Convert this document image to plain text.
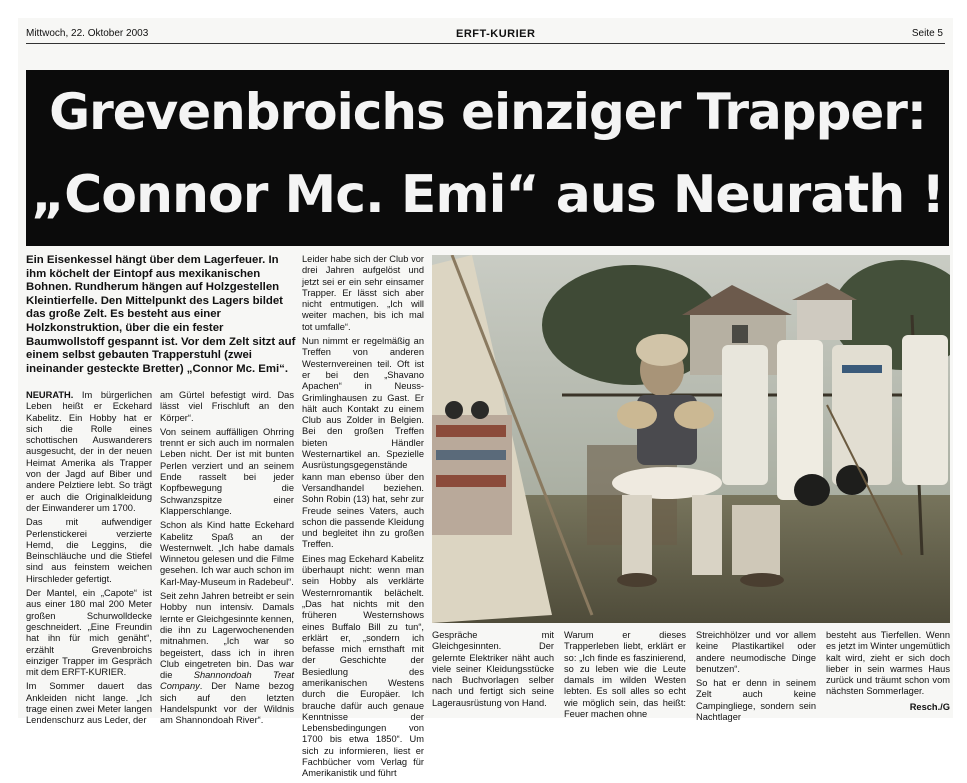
Mittwoch, 22. Oktober 2003	ERFT-KURIER	Seite 5
Grevenbroichs einziger Trapper:
„Connor Mc. Emi“ aus Neurath !
Ein Eisenkessel hängt über dem Lagerfeuer. In ihm köchelt der Eintopf aus mexikanischen Bohnen. Rundherum hängen auf Holzgestellen Kleintierfelle. Den Mittelpunkt des Lagers bildet das große Zelt. Es besteht aus einer Holzkonstruktion, über die ein fester Baumwollstoff gespannt ist. Vor dem Zelt sitzt auf einem selbst gebauten Trapperstuhl (zwei ineinander gesteckte Bretter) „Connor Mc. Emi“.

NEURATH. Im bürgerlichen Leben heißt er Eckehard Kabelitz. Ein Hobby hat er sich die Rolle eines schottischen Auswanderers ausgesucht, der in der neuen Heimat Amerika als Trapper von der Jagd auf Biber und andere Pelztiere lebt. So trägt er auch die Originalkleidung der Einwanderer um 1700.

Das mit aufwendiger Perlenstickerei verzierte Hemd, die Leggins, die Beinschläuche und die Stiefel sind aus feinstem weichen Hirschleder gefertigt.

Der Mantel, ein „Capote“ ist aus einer 180 mal 200 Meter großen Schurwolldecke geschneidert. „Eine Freundin hat ihn für mich genäht“, erzählt Grevenbroichs einziger Trapper im Gespräch mit dem ERFT-KURIER.

Im Sommer dauert das Ankleiden nicht lange. „Ich trage einen zwei Meter langen Lendenschurz aus Leder, der

am Gürtel befestigt wird. Das lässt viel Frischluft an den Körper“.

Von seinem auffälligen Ohrring trennt er sich auch im normalen Leben nicht. Der ist mit bunten Perlen verziert und an seinem Ende rasselt bei jeder Kopfbewegung die Schwanzspitze einer Klapperschlange.

Schon als Kind hatte Eckehard Kabelitz Spaß an der Westernwelt. „Ich habe damals Winnetou gelesen und die Filme gesehen. Ich war auch schon im Karl-May-Museum in Radebeul“.

Seit zehn Jahren betreibt er sein Hobby nun intensiv. Damals lernte er Gleichgesinnte kennen, die ihn zu Lagerwochenenden mitnahmen. „Ich war so begeistert, dass ich in ihren Club eingetreten bin. Das war die Shannondoah Treat Company. Der Name bezog sich auf den letzten Handelspunkt vor der Wildnis am Shannondoah River“.

Leider habe sich der Club vor drei Jahren aufgelöst und jetzt sei er ein sehr einsamer Trapper. Er lässt sich aber nicht entmutigen. „Ich will weiter machen, bis ich mal tot umfalle“.

Nun nimmt er regelmäßig an Treffen von anderen Westernvereinen teil. Oft ist er bei den „Shavano Apachen“ in Neuss-Grimlinghausen zu Gast. Er hält auch Kontakt zu einem Club aus Zolder in Belgien. Bei den großen Treffen bieten Händler Westernartikel an. Spezielle Ausrüstungsgegenstände kann man ebenso über den Versandhandel beziehen. Sohn Robin (13) hat, sehr zur Freude seines Vaters, auch schon die passende Kleidung und begleitet ihn zu großen Treffen.

Eines mag Eckehard Kabelitz überhaupt nicht: wenn man sein Hobby als verklärte Westernromantik belächelt. „Das hat nichts mit den früheren Westernshows eines Buffalo Bill zu tun“, erklärt er, „sondern ich befasse mich ernsthaft mit der Geschichte der Besiedlung des amerikanischen Westens durch die Europäer. Ich brauche dafür auch genaue Kenntnisse der Lebensbedingungen von 1700 bis etwa 1850“. Um sich zu informieren, liest er Fachbücher vom Verlag für Amerikanistik und führt

Gespräche mit Gleichgesinnten. Der gelernte Elektriker näht auch viele seiner Kleidungsstücke nach Buchvorlagen selber nach und fertigt sich seine Lagerausrüstung von Hand.

Warum er dieses Trapperleben liebt, erklärt er so: „Ich finde es faszinierend, so zu leben wie die Leute damals im wilden Westen lebten. Es soll alles so echt wie möglich sein, das heißt: Feuer machen ohne

Streichhölzer und vor allem keine Plastikartikel oder andere neumodische Dinge benutzen“.

So hat er denn in seinem Zelt auch keine Campingliege, sondern sein Nachtlager

besteht aus Tierfellen. Wenn es jetzt im Winter ungemütlich kalt wird, zieht er sich doch lieber in sein warmes Haus zurück und träumt schon vom nächsten Sommerlager.

Resch./G
